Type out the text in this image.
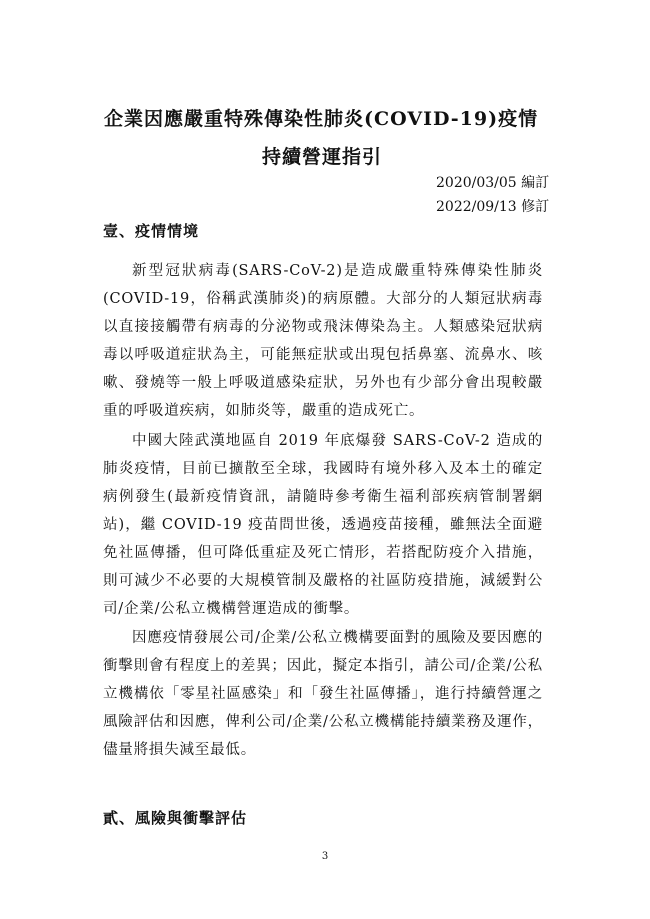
企業因應嚴重特殊傳染性肺炎(COVID-19)疫情
持續營運指引
2020/03/05 編訂
2022/09/13 修訂
壹、疫情情境

新型冠狀病毒(SARS-CoV-2)是造成嚴重特殊傳染性肺炎(COVID-19，俗稱武漢肺炎)的病原體。大部分的人類冠狀病毒以直接接觸帶有病毒的分泌物或飛沫傳染為主。人類感染冠狀病毒以呼吸道症狀為主，可能無症狀或出現包括鼻塞、流鼻水、咳嗽、發燒等一般上呼吸道感染症狀，另外也有少部分會出現較嚴重的呼吸道疾病，如肺炎等，嚴重的造成死亡。

中國大陸武漢地區自 2019 年底爆發 SARS-CoV-2 造成的肺炎疫情，目前已擴散至全球，我國時有境外移入及本土的確定病例發生(最新疫情資訊，請隨時參考衛生福利部疾病管制署網站)，繼 COVID-19 疫苗問世後，透過疫苗接種，雖無法全面避免社區傳播，但可降低重症及死亡情形，若搭配防疫介入措施，則可減少不必要的大規模管制及嚴格的社區防疫措施，減緩對公司/企業/公私立機構營運造成的衝擊。

因應疫情發展公司/企業/公私立機構要面對的風險及要因應的衝擊則會有程度上的差異；因此，擬定本指引，請公司/企業/公私立機構依「零星社區感染」和「發生社區傳播」，進行持續營運之風險評估和因應，俾利公司/企業/公私立機構能持續業務及運作，儘量將損失減至最低。

貳、風險與衝擊評估
3
